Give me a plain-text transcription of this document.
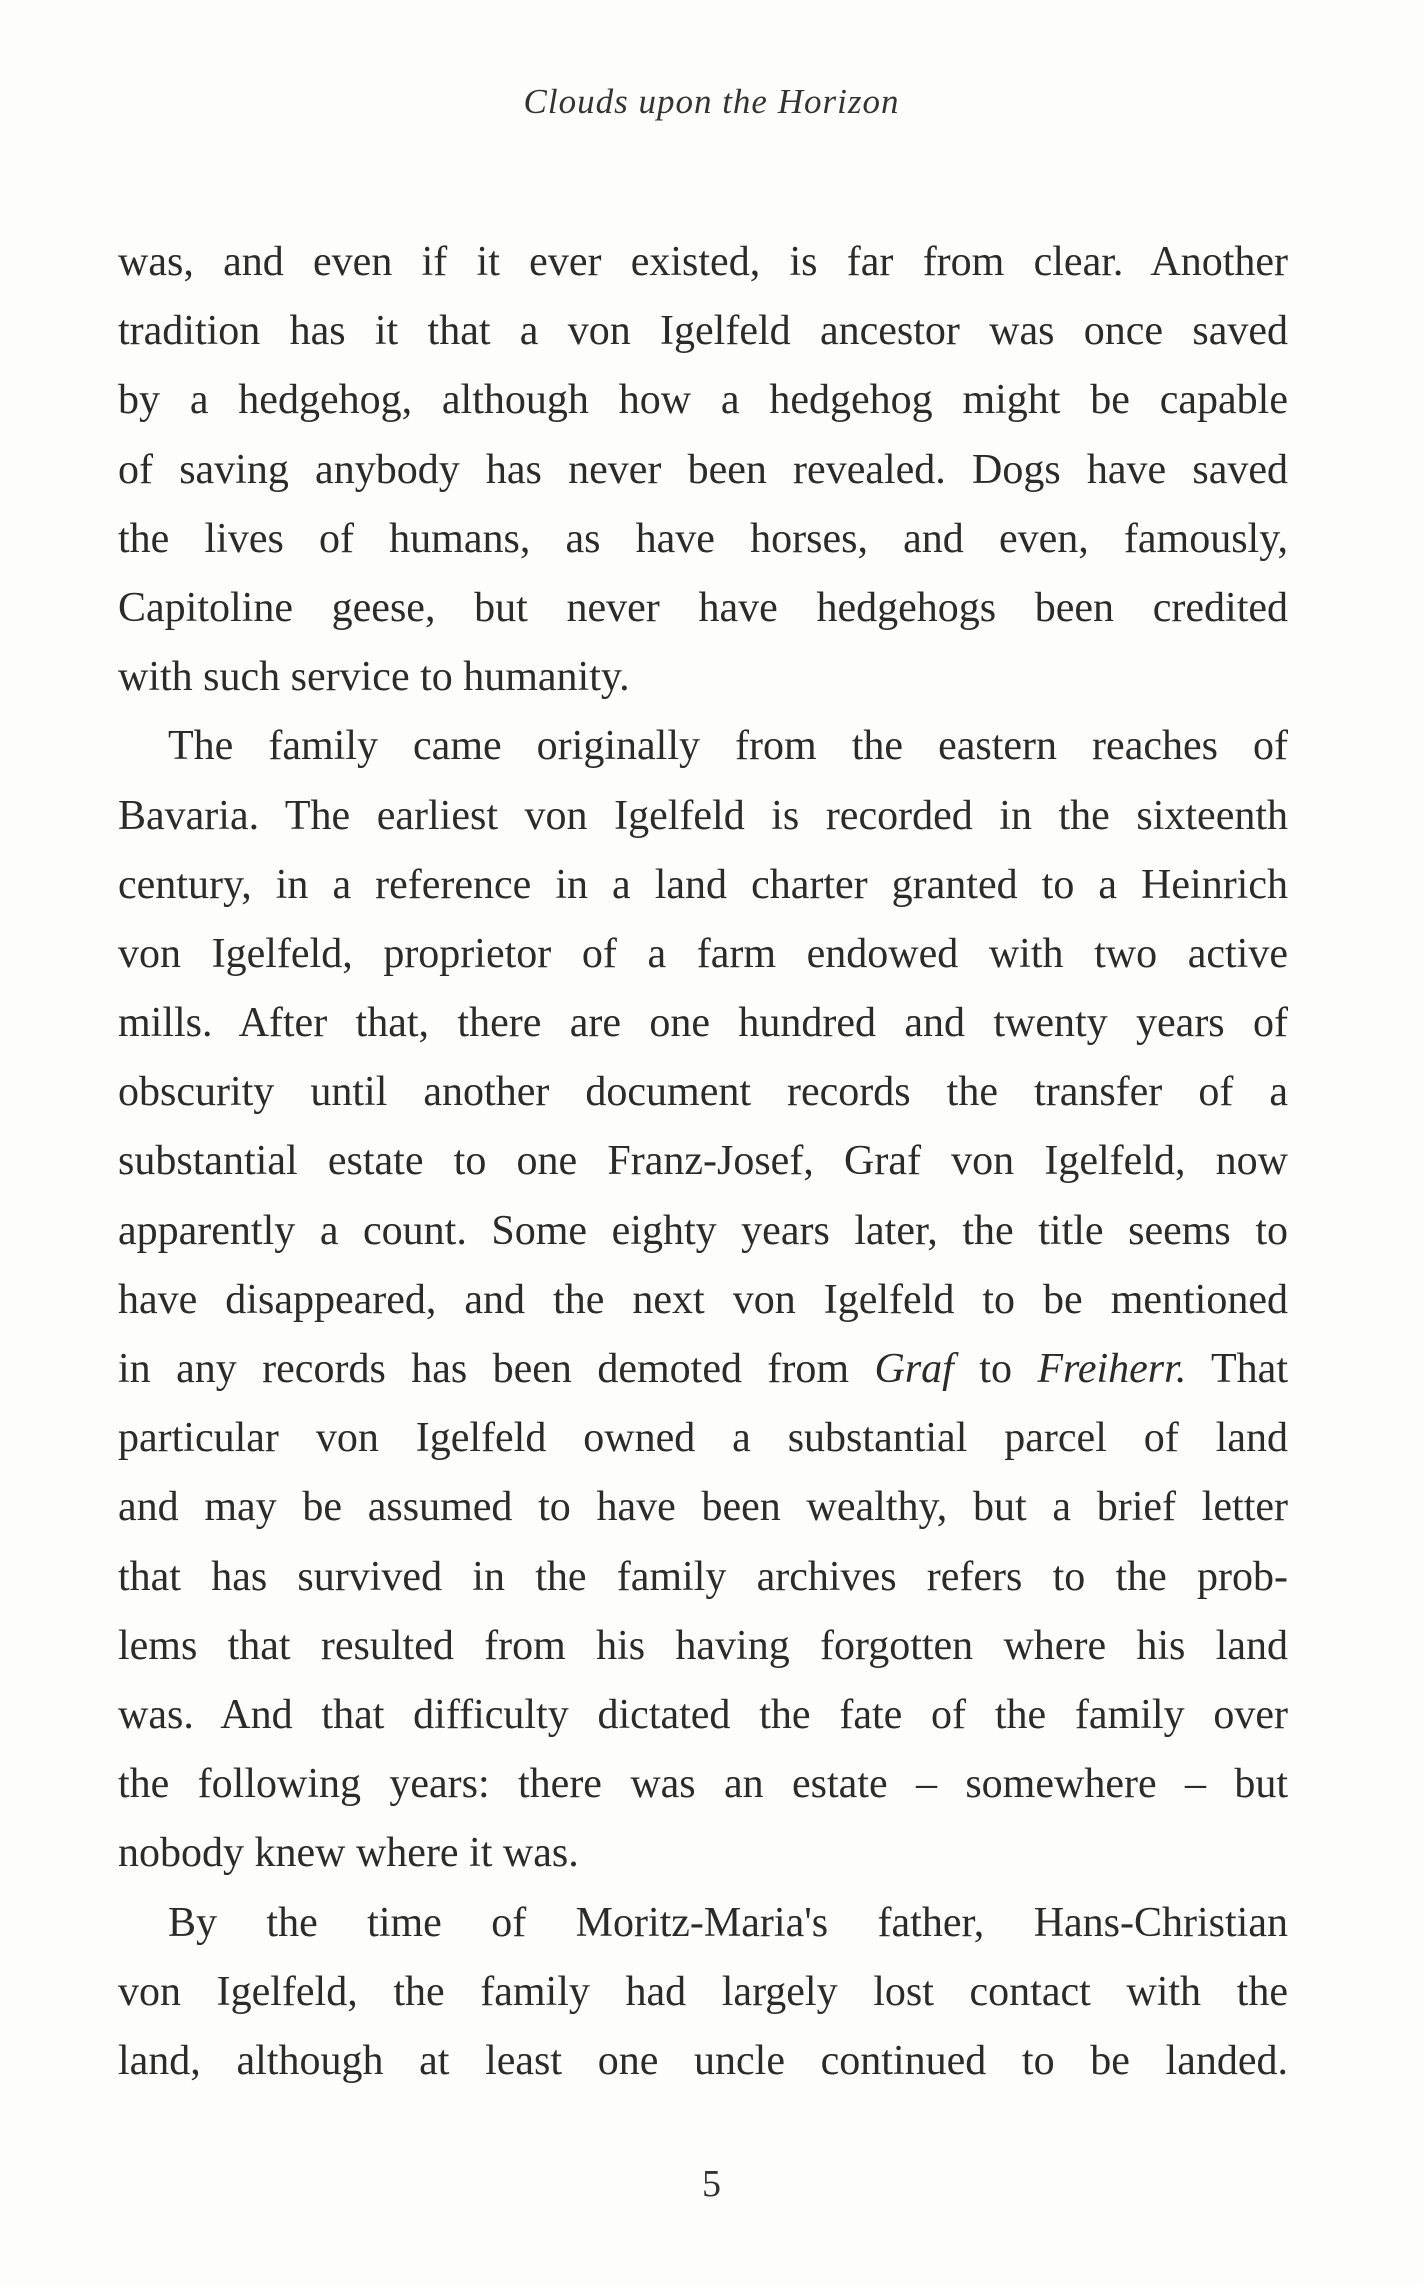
Clouds upon the Horizon
was, and even if it ever existed, is far from clear. Another
tradition has it that a von Igelfeld ancestor was once saved
by a hedgehog, although how a hedgehog might be capable
of saving anybody has never been revealed. Dogs have saved
the lives of humans, as have horses, and even, famously,
Capitoline geese, but never have hedgehogs been credited
with such service to humanity.
The family came originally from the eastern reaches of
Bavaria. The earliest von Igelfeld is recorded in the sixteenth
century, in a reference in a land charter granted to a Heinrich
von Igelfeld, proprietor of a farm endowed with two active
mills. After that, there are one hundred and twenty years of
obscurity until another document records the transfer of a
substantial estate to one Franz-Josef, Graf von Igelfeld, now
apparently a count. Some eighty years later, the title seems to
have disappeared, and the next von Igelfeld to be mentioned
in any records has been demoted from Graf to Freiherr. That
particular von Igelfeld owned a substantial parcel of land
and may be assumed to have been wealthy, but a brief letter
that has survived in the family archives refers to the prob-
lems that resulted from his having forgotten where his land
was. And that difficulty dictated the fate of the family over
the following years: there was an estate – somewhere – but
nobody knew where it was.
By the time of Moritz-Maria's father, Hans-Christian
von Igelfeld, the family had largely lost contact with the
land, although at least one uncle continued to be landed.
5
